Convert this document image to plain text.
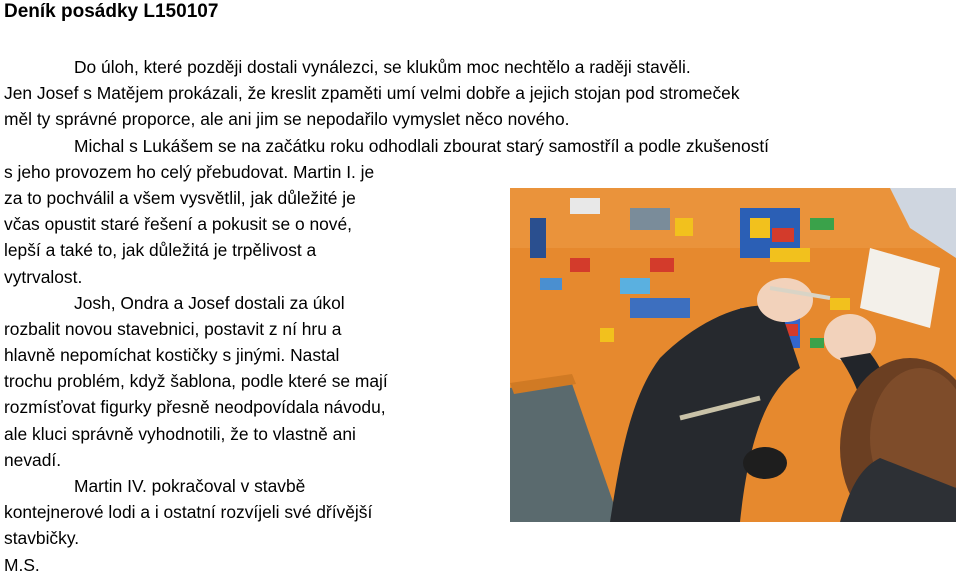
Deník posádky L150107
Do úloh, které později dostali vynálezci, se klukům moc nechtělo a raději stavěli.
Jen Josef s Matějem prokázali, že kreslit zpaměti umí velmi dobře a jejich stojan pod stromeček
měl ty správné proporce, ale ani jim se nepodařilo vymyslet něco nového.
Michal s Lukášem se na začátku roku odhodlali zbourat starý samostříl a podle zkušeností
s jeho provozem ho celý přebudovat. Martin I. je
za to pochválil a všem vysvětlil, jak důležité je
včas opustit staré řešení a pokusit se o nové,
lepší a také to, jak důležitá je trpělivost a
vytrvalost.
Josh, Ondra a Josef dostali za úkol
rozbalit novou stavebnici, postavit z ní hru a
hlavně nepomíchat kostičky s jinými. Nastal
trochu problém, když šablona, podle které se mají
rozmísťovat figurky přesně neodpovídala návodu,
ale kluci správně vyhodnotili, že to vlastně ani
nevadí.
Martin IV. pokračoval v stavbě
kontejnerové lodi a i ostatní rozvíjeli své dřívější
stavbičky.
M.S.
